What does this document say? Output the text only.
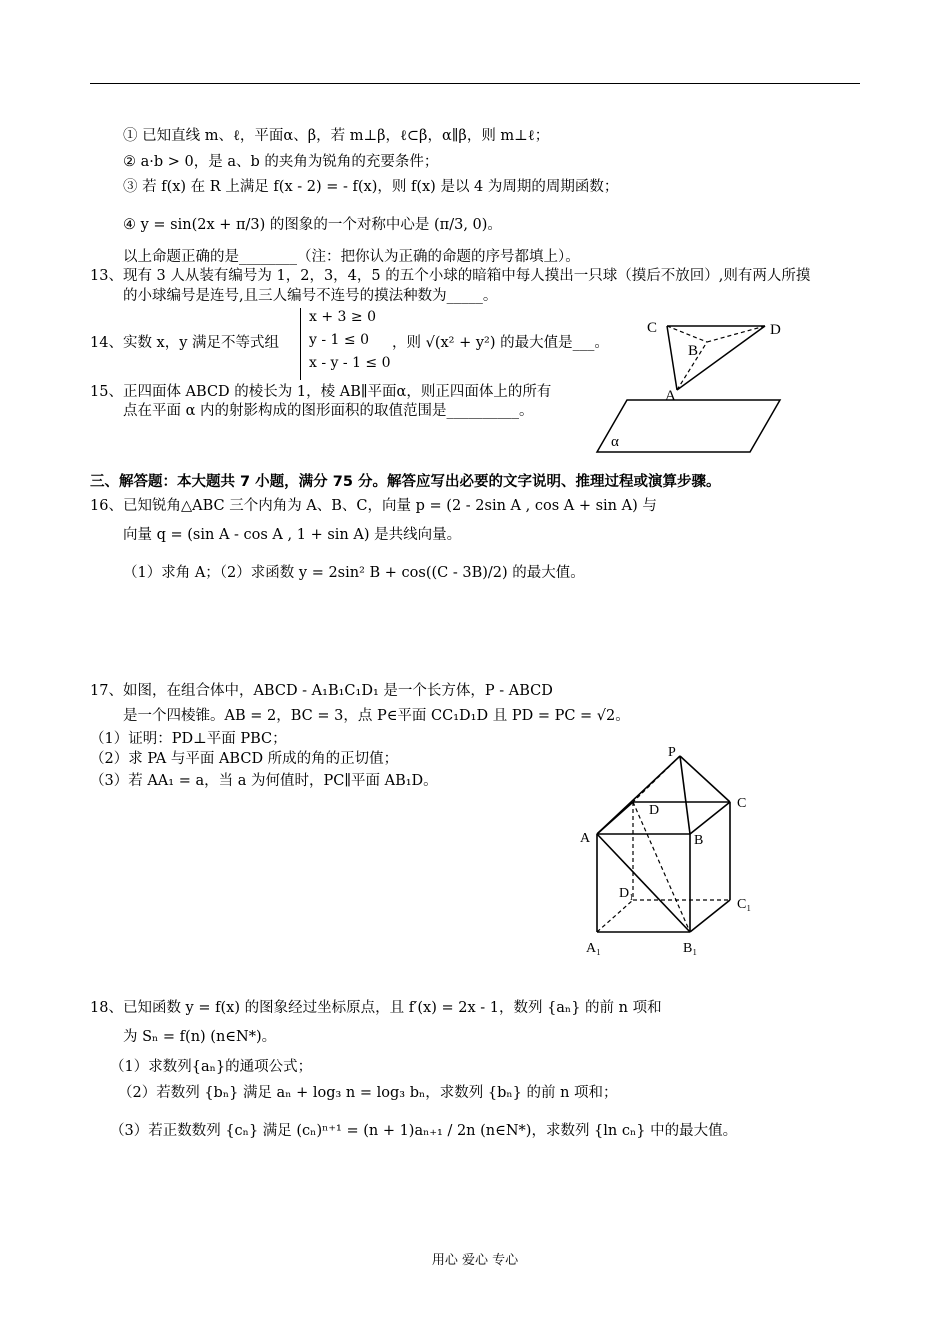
① 已知直线 m、ℓ，平面α、β，若 m⊥β，ℓ⊂β，α∥β，则 m⊥ℓ；
② a·b > 0，是 a、b 的夹角为锐角的充要条件；
③ 若 f(x) 在 R 上满足 f(x - 2) = - f(x)，则 f(x) 是以 4 为周期的周期函数；
④ y = sin(2x + π/3) 的图象的一个对称中心是 (π/3, 0)。
以上命题正确的是________（注：把你认为正确的命题的序号都填上）。
13、现有 3 人从装有编号为 1，2，3，4，5 的五个小球的暗箱中每人摸出一只球（摸后不放回）,则有两人所摸
的小球编号是连号,且三人编号不连号的摸法种数为_____。
14、实数 x，y 满足不等式组
x + 3 ≥ 0
y - 1 ≤ 0
x - y - 1 ≤ 0
，则 √(x² + y²) 的最大值是___。
15、正四面体 ABCD 的棱长为 1，棱 AB∥平面α，则正四面体上的所有
点在平面 α 内的射影构成的图形面积的取值范围是__________。
C	D
B
A
α
三、解答题：本大题共 7 小题，满分 75 分。解答应写出必要的文字说明、推理过程或演算步骤。
16、已知锐角△ABC 三个内角为 A、B、C，向量 p = (2 - 2sin A , cos A + sin A) 与
向量 q = (sin A - cos A , 1 + sin A) 是共线向量。
（1）求角 A；（2）求函数 y = 2sin² B + cos((C - 3B)/2) 的最大值。
17、如图，在组合体中，ABCD - A₁B₁C₁D₁ 是一个长方体，P - ABCD
是一个四棱锥。AB = 2，BC = 3，点 P∈平面 CC₁D₁D 且 PD = PC = √2。
（1）证明：PD⊥平面 PBC；
（2）求 PA 与平面 ABCD 所成的角的正切值；
（3）若 AA₁ = a，当 a 为何值时，PC∥平面 AB₁D。
P
D	C
A	B
D₁
C₁
A₁	B₁
18、已知函数 y = f(x) 的图象经过坐标原点，且 f′(x) = 2x - 1，数列 {aₙ} 的前 n 项和
为 Sₙ = f(n) (n∈N*)。
（1）求数列{aₙ}的通项公式；
（2）若数列 {bₙ} 满足 aₙ + log₃ n = log₃ bₙ，求数列 {bₙ} 的前 n 项和；
（3）若正数数列 {cₙ} 满足 (cₙ)ⁿ⁺¹ = (n + 1)aₙ₊₁ / 2n (n∈N*)，求数列 {ln cₙ} 中的最大值。
用心 爱心 专心
